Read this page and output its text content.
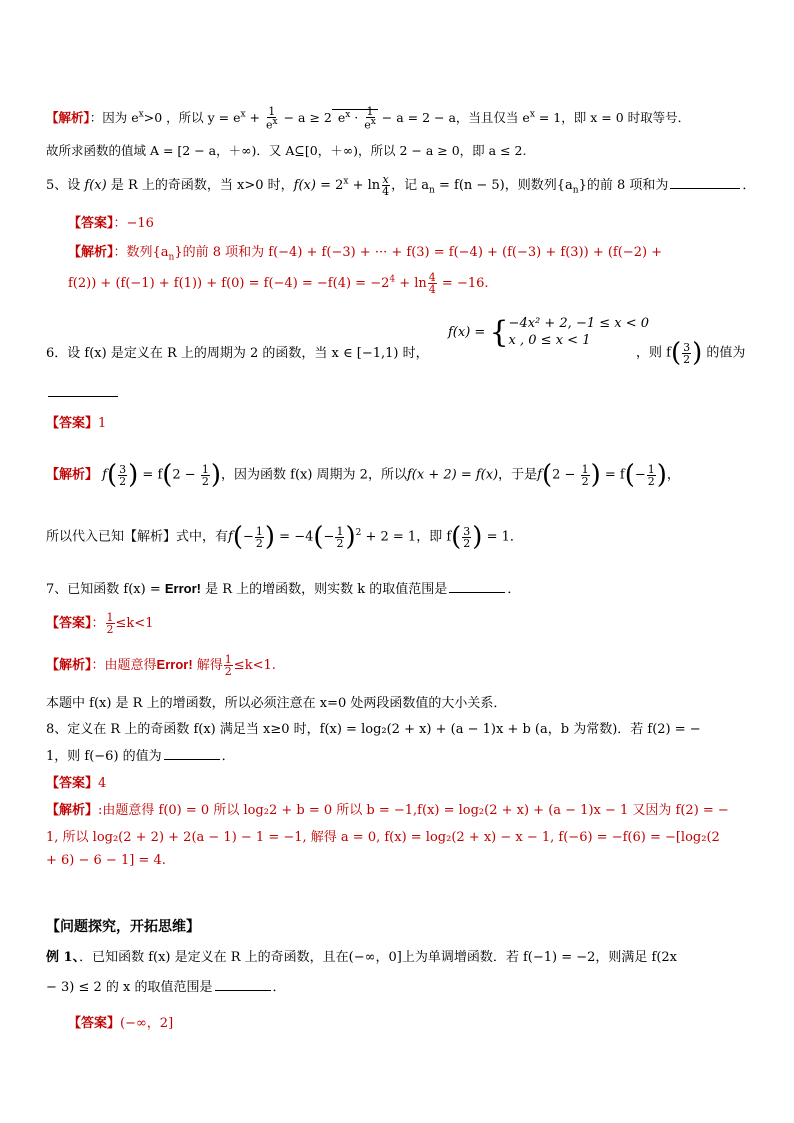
【解析】：因为 $e^x>0$ ，所以 $y = e^x + \frac{1}{e^x} - a \ge 2$ $e^x \cdot \frac{1}{e^x} - a = 2 - a$，当且仅当 $e^x = 1$，即 x = 0 时取等号．
故所求函数的值域 A = [2 − a，＋∞)．又 A⊆[0，＋∞)，所以 2 − a ≥ 0，即 a ≤ 2.
5、设 f(x) 是 R 上的奇函数，当 x>0 时，$f(x) = 2^x + \ln \frac{x}{4}$ ，记 $a_n = f(n - 5)$，则数列$\{a_n\}$的前 8 项和为	．
【答案】：−16
【解析】：数列$\{a_n\}$的前 8 项和为 f(−4) + f(−3) + ··· + f(3) = f(−4) + (f(−3) + f(3)) + (f(−2) +
$f(2)) + (f(-1) + f(1)) + f(0) = f(-4) = -f(4) = -2^4 + \ln \frac{4}{4} = -16$.
6．设 f(x) 是定义在 R 上的周期为 2 的函数，当 x ∈ [−1,1) 时，
f(x) = { −4x² + 2, −1 ≤ x < 0
x , 0 ≤ x < 1
，则 $f( \frac{3}{2}$ ) 的值为
【答案】1
【解析】 $f( \frac{3}{2}$ ) = $f(2 - \frac{1}{2}$ )，因为函数 f(x) 周期为 2，所以f(x + 2) = f(x)，于是$f(2 - \frac{1}{2}$ ) = $f(- \frac{1}{2}$ )，
所以代入已知【解析】式中，有$f(- \frac{1}{2}$ ) = $-4(- \frac{1}{2} )^2 + 2 = 1$，即 $f( \frac{3}{2}$ ) = 1．
7、已知函数 f(x) = Error! 是 R 上的增函数，则实数 k 的取值范围是	．
【答案】： $\frac{1}{2} \le k<1$
【解析】：由题意得Error! 解得 $\frac{1}{2} \le k<1$.
本题中 f(x) 是 R 上的增函数，所以必须注意在 x=0 处两段函数值的大小关系．
8、定义在 R 上的奇函数 f(x) 满足当 x≥0 时，f(x) = log₂(2 + x) + (a − 1)x + b (a，b 为常数)．若 f(2) = −
1，则 f(−6) 的值为	．
【答案】4
【解析】:由题意得 f(0) = 0 所以 log₂2 + b = 0 所以 b = −1,f(x) = log₂(2 + x) + (a − 1)x − 1 又因为 f(2) = −
1, 所以 log₂(2 + 2) + 2(a − 1) − 1 = −1, 解得 a = 0, f(x) = log₂(2 + x) − x − 1, f(−6) = −f(6) = −[log₂(2
+ 6) − 6 − 1] = 4.
【问题探究，开拓思维】
例 1、．已知函数 f(x) 是定义在 R 上的奇函数，且在(−∞，0]上为单调增函数．若 f(−1) = −2，则满足 f(2x
− 3) ≤ 2 的 x 的取值范围是	．
【答案】(−∞，2]
